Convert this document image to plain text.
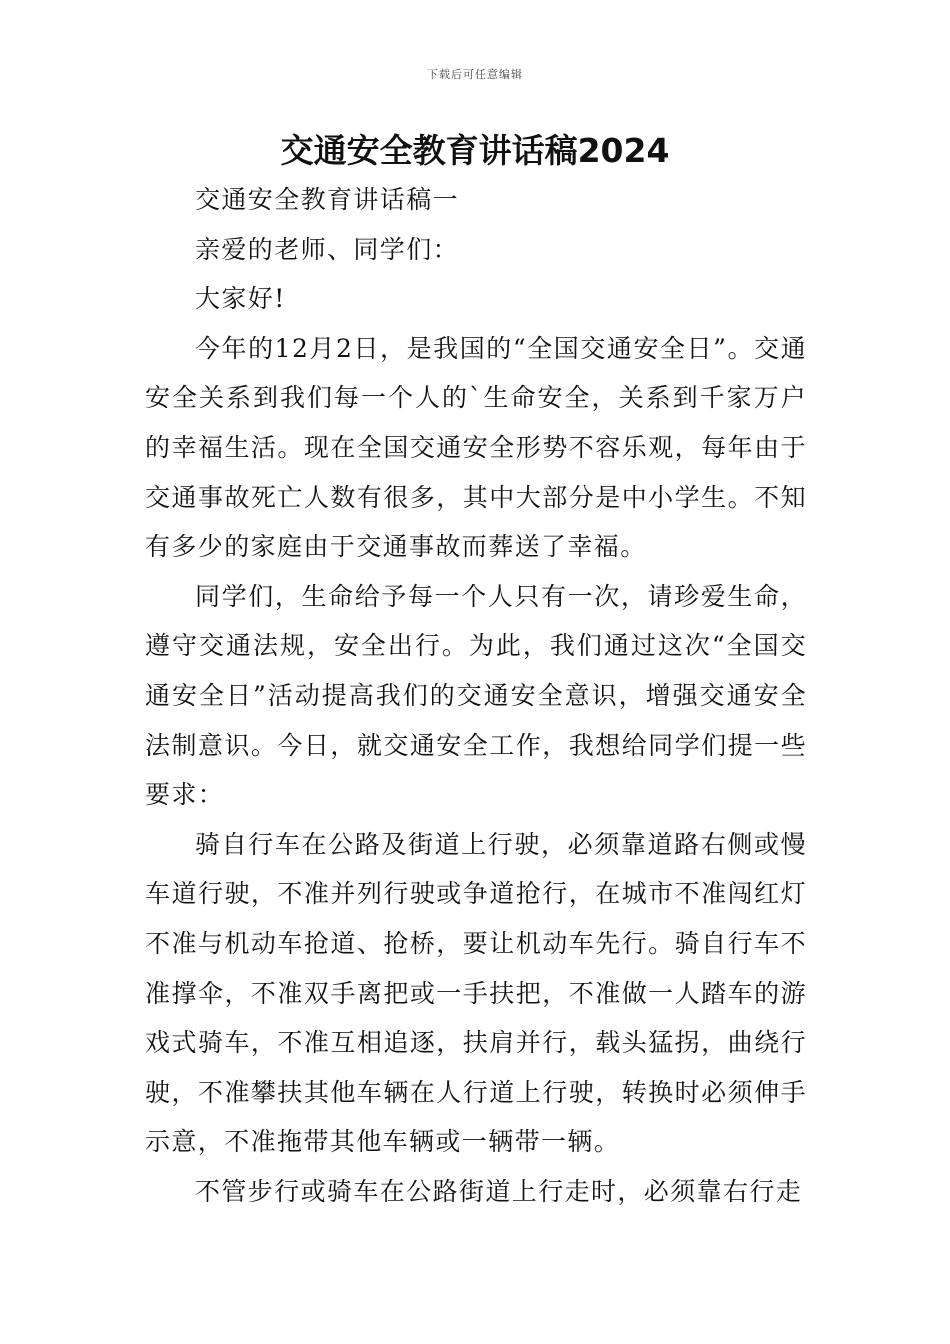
下载后可任意编辑
交通安全教育讲话稿2024

交通安全教育讲话稿一

亲爱的老师、同学们：

大家好!

今年的12月2日，是我国的“全国交通安全日”。交通安全关系到我们每一个人的`生命安全，关系到千家万户的幸福生活。现在全国交通安全形势不容乐观，每年由于交通事故死亡人数有很多，其中大部分是中小学生。不知有多少的家庭由于交通事故而葬送了幸福。

同学们，生命给予每一个人只有一次，请珍爱生命，遵守交通法规，安全出行。为此，我们通过这次“全国交通安全日”活动提高我们的交通安全意识，增强交通安全法制意识。今日，就交通安全工作，我想给同学们提一些要求：

骑自行车在公路及街道上行驶，必须靠道路右侧或慢车道行驶，不准并列行驶或争道抢行，在城市不准闯红灯不准与机动车抢道、抢桥，要让机动车先行。骑自行车不准撑伞，不准双手离把或一手扶把，不准做一人踏车的游戏式骑车，不准互相追逐，扶肩并行，载头猛拐，曲绕行驶，不准攀扶其他车辆在人行道上行驶，转换时必须伸手示意，不准拖带其他车辆或一辆带一辆。

不管步行或骑车在公路街道上行走时，必须靠右行走
